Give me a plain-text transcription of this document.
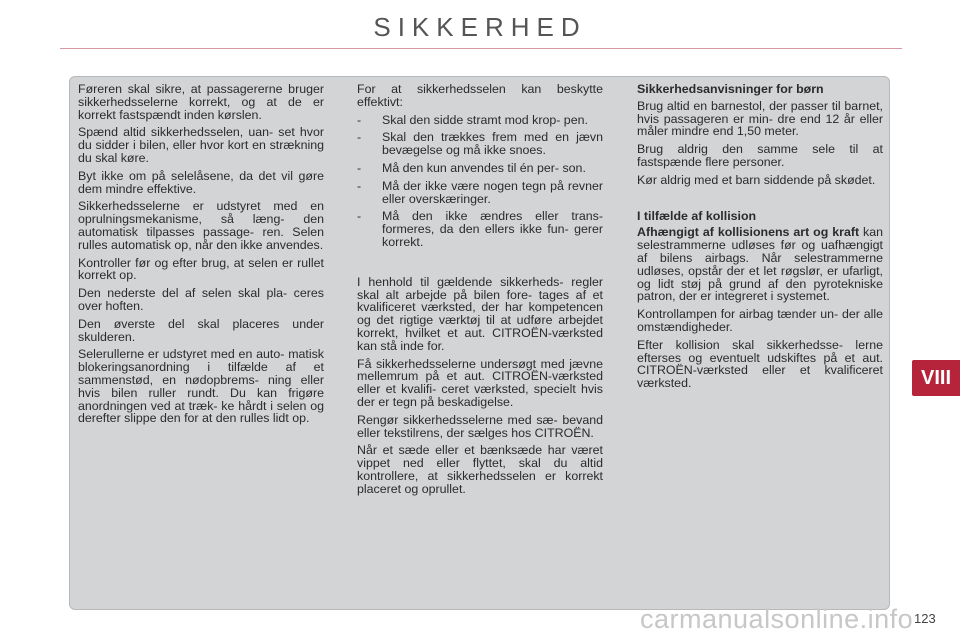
SIKKERHED

Føreren skal sikre, at passagererne bruger sikkerhedsselerne korrekt, og at de er korrekt fastspændt inden kørslen.

Spænd altid sikkerhedsselen, uan- set hvor du sidder i bilen, eller hvor kort en strækning du skal køre.

Byt ikke om på selelåsene, da det vil gøre dem mindre effektive.

Sikkerhedsselerne er udstyret med en oprulningsmekanisme, så læng- den automatisk tilpasses passage- ren. Selen rulles automatisk op, når den ikke anvendes.

Kontroller før og efter brug, at selen er rullet korrekt op.

Den nederste del af selen skal pla- ceres over hoften.

Den øverste del skal placeres under skulderen.

Selerullerne er udstyret med en auto- matisk blokeringsanordning i tilfælde af et sammenstød, en nødopbrems- ning eller hvis bilen ruller rundt. Du kan frigøre anordningen ved at træk- ke hårdt i selen og derefter slippe den for at den rulles lidt op.

For at sikkerhedsselen kan beskytte effektivt:

- Skal den sidde stramt mod krop- pen.
- Skal den trækkes frem med en jævn bevægelse og må ikke snoes.
- Må den kun anvendes til én per- son.
- Må der ikke være nogen tegn på revner eller overskæringer.
- Må den ikke ændres eller trans- formeres, da den ellers ikke fun- gerer korrekt.

I henhold til gældende sikkerheds- regler skal alt arbejde på bilen fore- tages af et kvalificeret værksted, der har kompetencen og det rigtige værktøj til at udføre arbejdet korrekt, hvilket et aut. CITROËN-værksted kan stå inde for.

Få sikkerhedsselerne undersøgt med jævne mellemrum på et aut. CITROËN-værksted eller et kvalifi- ceret værksted, specielt hvis der er tegn på beskadigelse.

Rengør sikkerhedsselerne med sæ- bevand eller tekstilrens, der sælges hos CITROËN.

Når et sæde eller et bænksæde har været vippet ned eller flyttet, skal du altid kontrollere, at sikkerhedsselen er korrekt placeret og oprullet.

Sikkerhedsanvisninger for børn

Brug altid en barnestol, der passer til barnet, hvis passageren er min- dre end 12 år eller måler mindre end 1,50 meter.

Brug aldrig den samme sele til at fastspænde flere personer.

Kør aldrig med et barn siddende på skødet.

I tilfælde af kollision

Afhængigt af kollisionens art og kraft kan selestrammerne udløses før og uafhængigt af bilens airbags. Når selestrammerne udløses, opstår der et let røgslør, er ufarligt, og lidt støj på grund af den pyrotekniske patron, der er integreret i systemet.

Kontrollampen for airbag tænder un- der alle omstændigheder.

Efter kollision skal sikkerhedsse- lerne efterses og eventuelt udskiftes på et aut. CITROËN-værksted eller et kvalificeret værksted.	VIII
carmanualsonline.info 123
